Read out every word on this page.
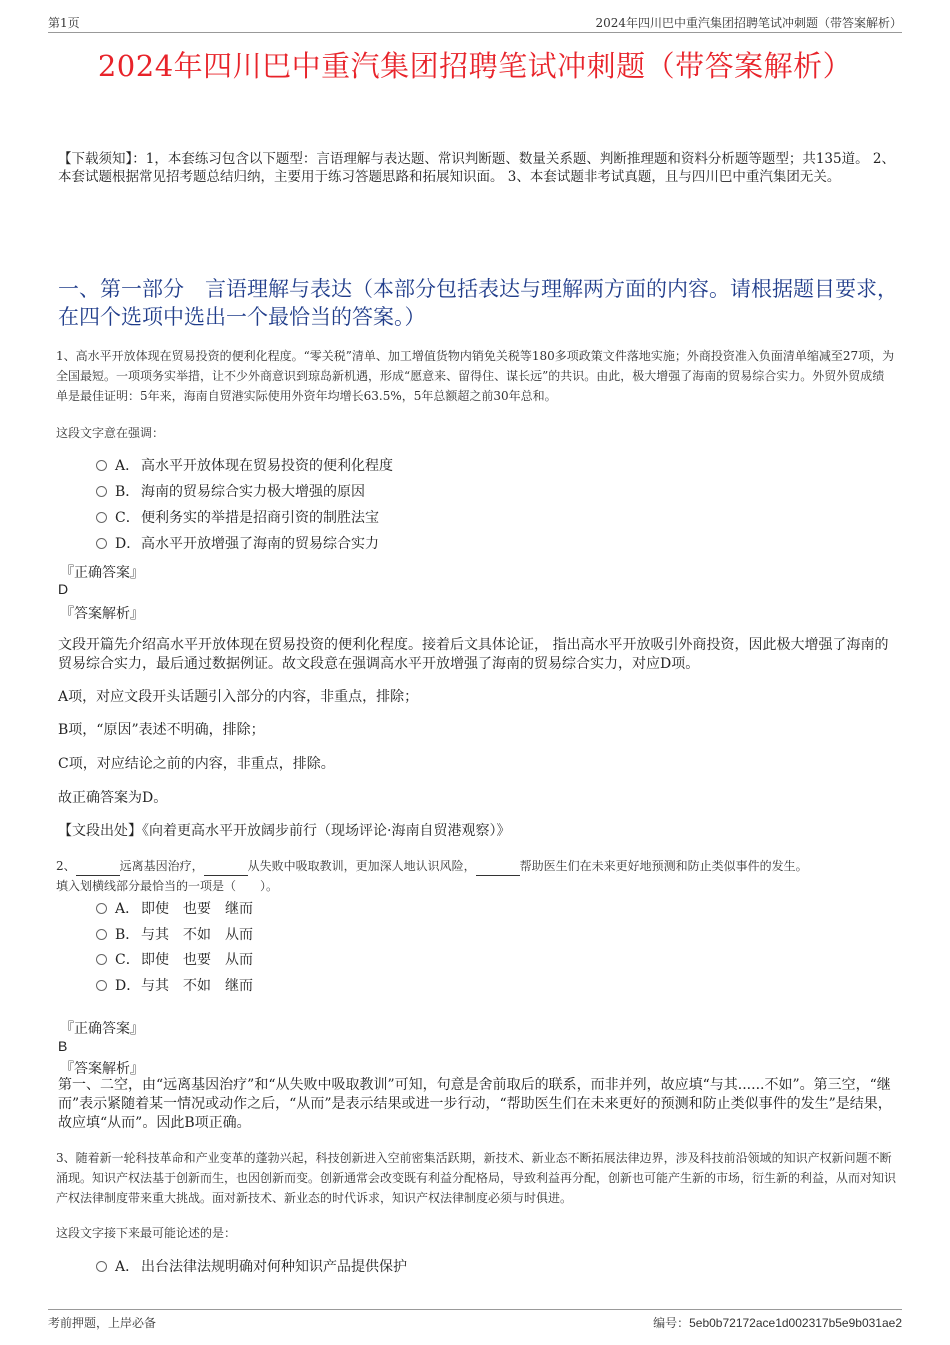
第1页	2024年四川巴中重汽集团招聘笔试冲刺题（带答案解析）
2024年四川巴中重汽集团招聘笔试冲刺题（带答案解析）
【下载须知】：1，本套练习包含以下题型：言语理解与表达题、常识判断题、数量关系题、判断推理题和资料分析题等题型；共135道。 2、本套试题根据常见招考题总结归纳，主要用于练习答题思路和拓展知识面。 3、本套试题非考试真题，且与四川巴中重汽集团无关。
一、第一部分　言语理解与表达（本部分包括表达与理解两方面的内容。请根据题目要求，在四个选项中选出一个最恰当的答案。）
1、高水平开放体现在贸易投资的便利化程度。“零关税”清单、加工增值货物内销免关税等180多项政策文件落地实施；外商投资准入负面清单缩减至27项，为全国最短。一项项务实举措，让不少外商意识到琼岛新机遇，形成“愿意来、留得住、谋长远”的共识。由此，极大增强了海南的贸易综合实力。外贸外贸成绩单是最佳证明：5年来，海南自贸港实际使用外资年均增长63.5%，5年总额超之前30年总和。
这段文字意在强调：
A． 高水平开放体现在贸易投资的便利化程度
B． 海南的贸易综合实力极大增强的原因
C．便利务实的举措是招商引资的制胜法宝
D．高水平开放增强了海南的贸易综合实力
『正确答案』
D
『答案解析』
文段开篇先介绍高水平开放体现在贸易投资的便利化程度。接着后文具体论证， 指出高水平开放吸引外商投资，因此极大增强了海南的贸易综合实力，最后通过数据例证。故文段意在强调高水平开放增强了海南的贸易综合实力，对应D项。
A项，对应文段开头话题引入部分的内容，非重点，排除；
B项，“原因”表述不明确，排除；
C项，对应结论之前的内容，非重点，排除。
故正确答案为D。
【文段出处】《向着更高水平开放阔步前行（现场评论·海南自贸港观察）》
2、	远离基因治疗，	从失败中吸取教训，更加深人地认识风险，	帮助医生们在未来更好地预测和防止类似事件的发生。
填入划横线部分最恰当的一项是（　　）。
A． 即使　也要　继而
B． 与其　不如　从而
C．即使　也要　从而
D．与其　不如　继而
『正确答案』
B
『答案解析』
第一、二空，由“远离基因治疗”和“从失败中吸取教训”可知，句意是舍前取后的联系，而非并列，故应填“与其......不如”。第三空，“继而”表示紧随着某一情况或动作之后，“从而”是表示结果或进一步行动，“帮助医生们在未来更好的预测和防止类似事件的发生”是结果，故应填“从而”。因此B项正确。
3、随着新一轮科技革命和产业变革的蓬勃兴起，科技创新进入空前密集活跃期，新技术、新业态不断拓展法律边界，涉及科技前沿领域的知识产权新问题不断涌现。知识产权法基于创新而生，也因创新而变。创新通常会改变既有利益分配格局，导致利益再分配，创新也可能产生新的市场，衍生新的利益，从而对知识产权法律制度带来重大挑战。面对新技术、新业态的时代诉求，知识产权法律制度必须与时俱进。
这段文字接下来最可能论述的是：
A． 出台法律法规明确对何种知识产品提供保护
考前押题，上岸必备	编号：5eb0b72172ace1d002317b5e9b031ae2
